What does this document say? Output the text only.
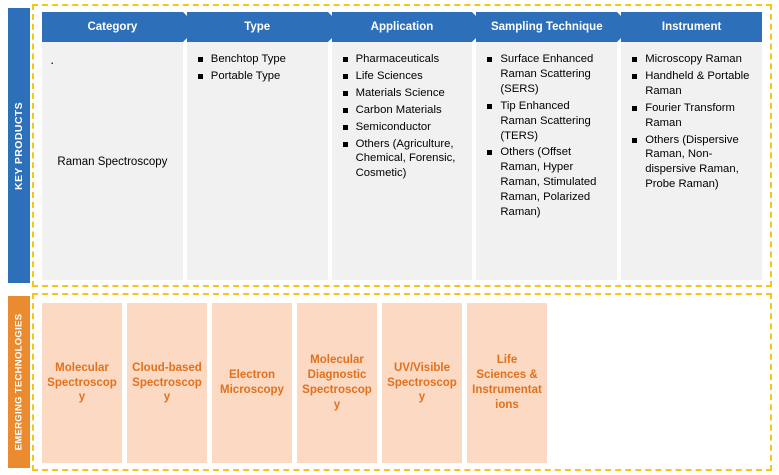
KEY PRODUCTS
Category
·
Raman Spectroscopy
Type
Benchtop Type
Portable Type
Application
Pharmaceuticals
Life Sciences
Materials Science
Carbon Materials
Semiconductor
Others (Agriculture, Chemical, Forensic, Cosmetic)
Sampling Technique
Surface Enhanced Raman Scattering (SERS)
Tip Enhanced Raman Scattering (TERS)
Others (Offset Raman, Hyper Raman, Stimulated Raman, Polarized Raman)
Instrument
Microscopy Raman
Handheld & Portable Raman
Fourier Transform Raman
Others (Dispersive Raman, Non-dispersive Raman, Probe Raman)
EMERGING TECHNOLOGIES	Molecular Spectroscopy
Cloud-based Spectroscopy
Electron Microscopy
Molecular Diagnostic Spectroscopy
UV/Visible Spectroscopy
Life Sciences & Instrumentations
